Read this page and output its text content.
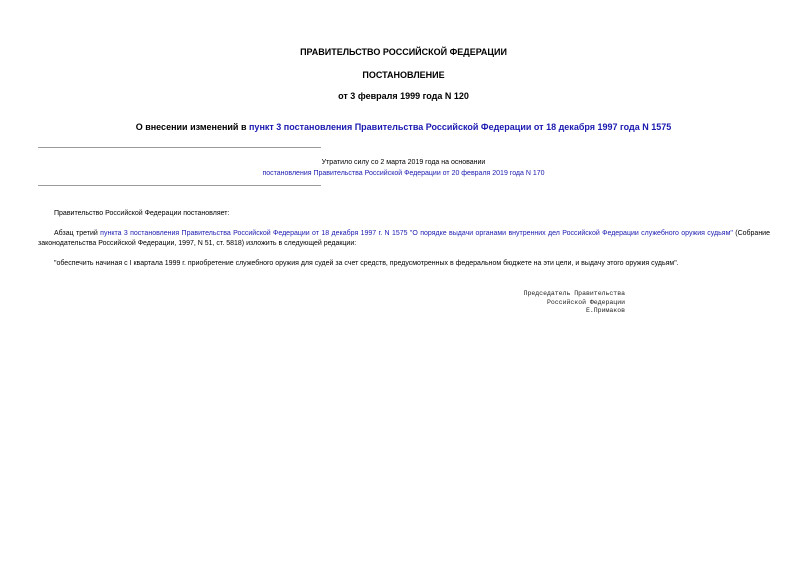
ПРАВИТЕЛЬСТВО РОССИЙСКОЙ ФЕДЕРАЦИИ
ПОСТАНОВЛЕНИЕ
от 3 февраля 1999 года N 120
О внесении изменений в пункт 3 постановления Правительства Российской Федерации от 18 декабря 1997 года N 1575
Утратило силу со 2 марта 2019 года на основании
постановления Правительства Российской Федерации от 20 февраля 2019 года N 170
Правительство Российской Федерации постановляет:
Абзац третий пункта 3 постановления Правительства Российской Федерации от 18 декабря 1997 г. N 1575 "О порядке выдачи органами внутренних дел Российской Федерации служебного оружия судьям" (Собрание законодательства Российской Федерации, 1997, N 51, ст. 5818) изложить в следующей редакции:
"обеспечить начиная с I квартала 1999 г. приобретение служебного оружия для судей за счет средств, предусмотренных в федеральном бюджете на эти цели, и выдачу этого оружия судьям".
Председатель Правительства
Российской Федерации
Е.Примаков
